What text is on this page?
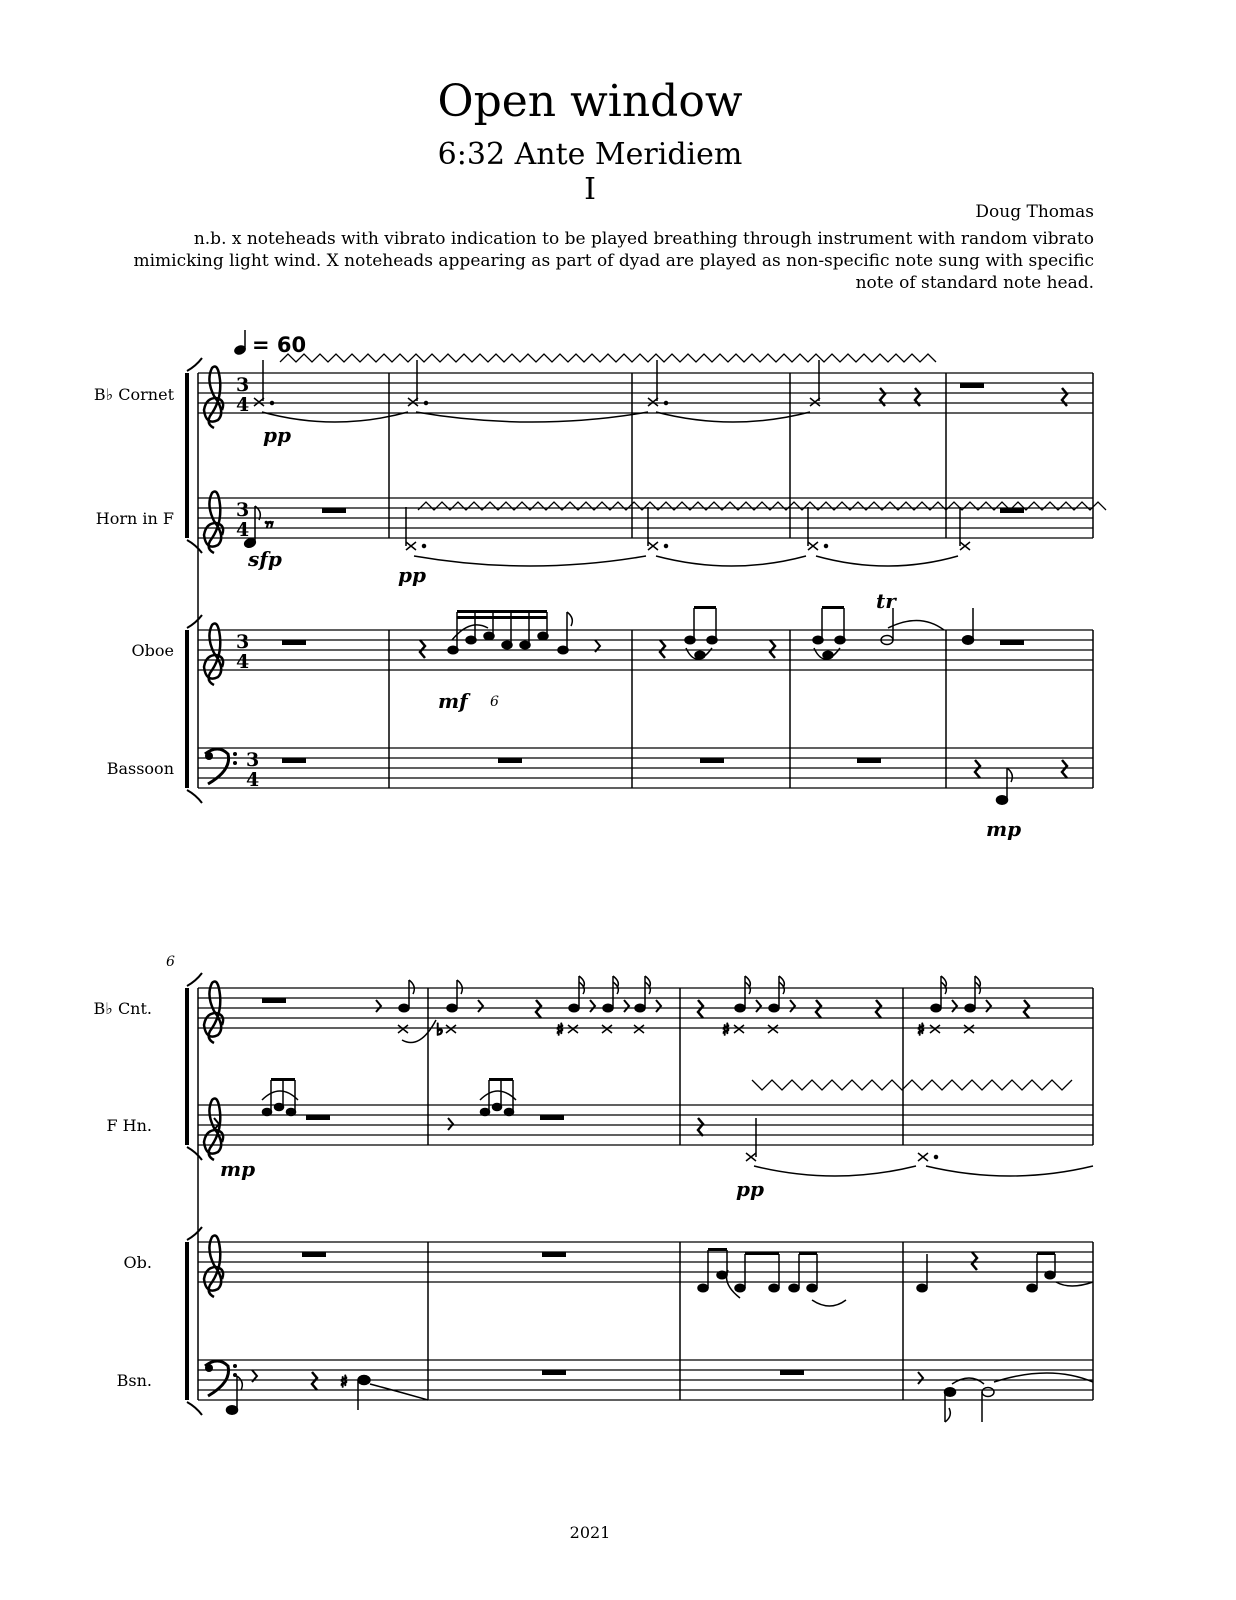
Open window
6:32 Ante Meridiem
I
Doug Thomas
n.b. x noteheads with vibrato indication to be played breathing through instrument with random vibrato mimicking light wind. X noteheads appearing as part of dyad are played as non-specific note sung with specific note of standard note head.
3
4
3
4
3
4
3
4
B♭ Cornet
Horn in F
Oboe
Bassoon
= 60
pp
𝄾𝄾
sfp
pp
mf 6
tr
mp
6
B♭ Cnt.
F Hn.
Ob.
Bsn.
♭	♯	♯	♯
mp
pp
♯
2021
